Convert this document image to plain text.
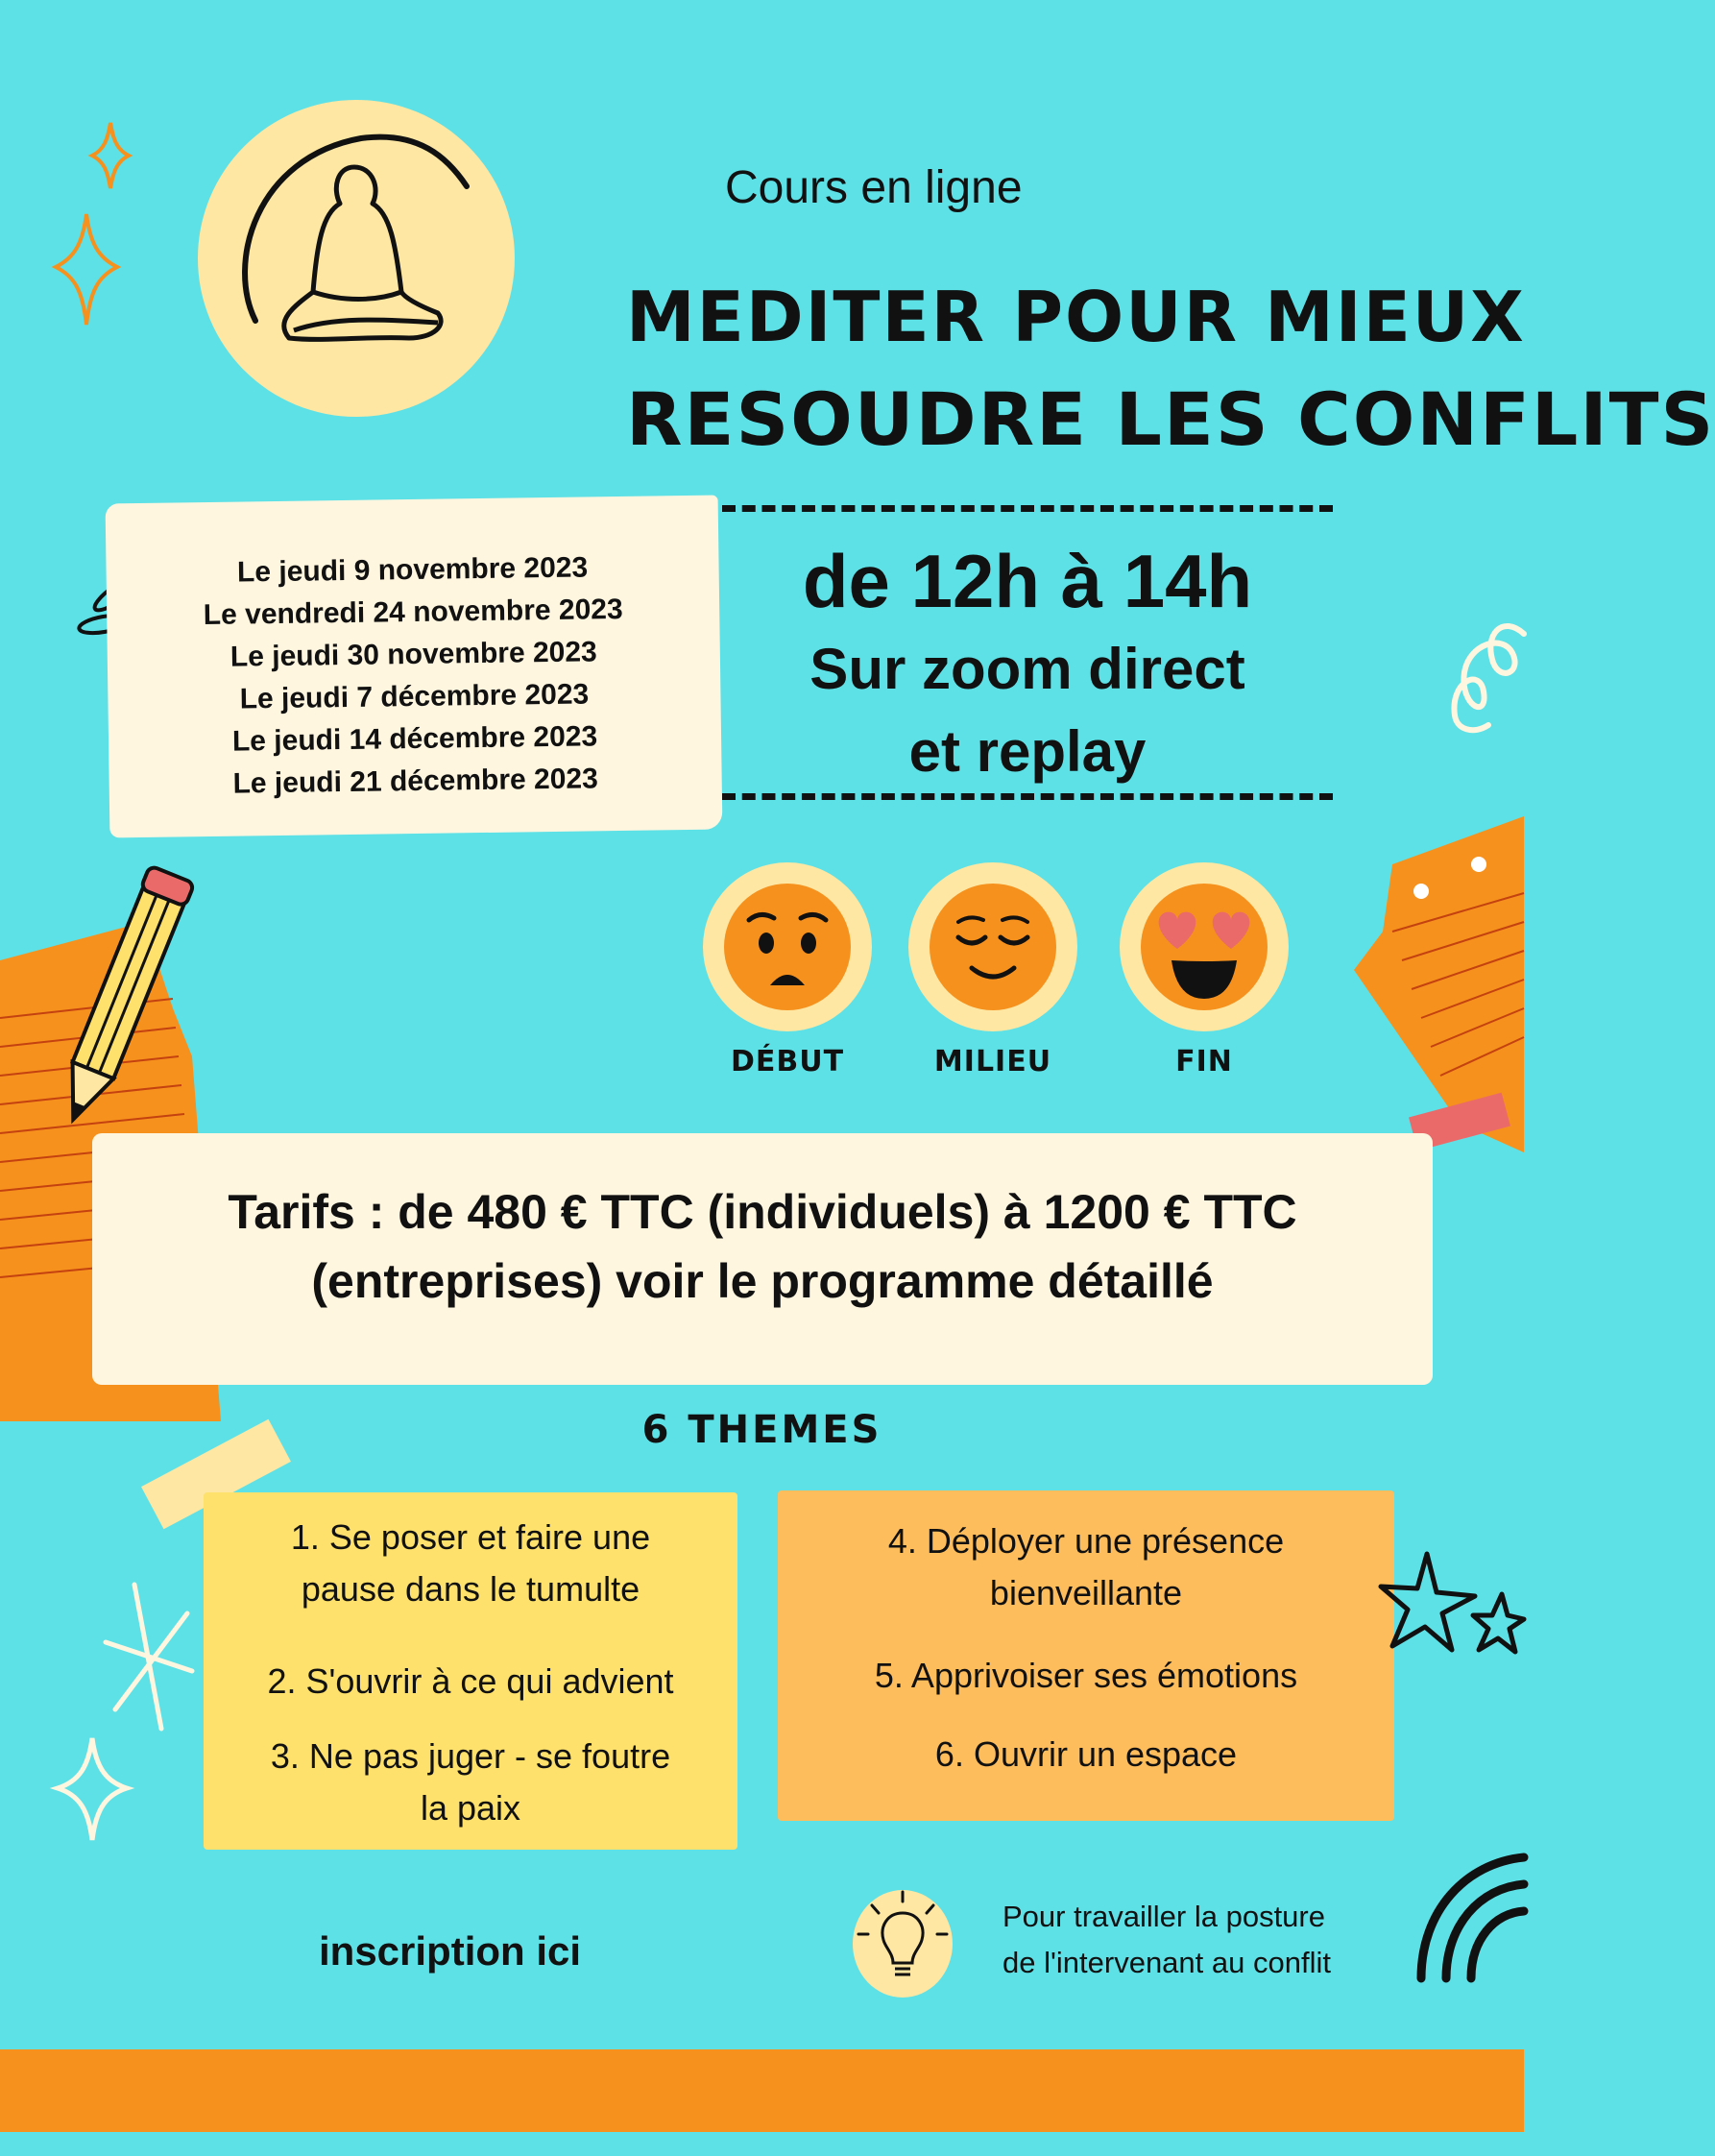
Cours en ligne
MEDITER POUR MIEUX
RESOUDRE LES CONFLITS
Le jeudi 9 novembre 2023
Le vendredi 24 novembre 2023
Le jeudi 30 novembre 2023
Le jeudi 7 décembre 2023
Le jeudi 14 décembre 2023
Le jeudi 21 décembre 2023
de 12h à 14h
Sur zoom direct
et replay
DÉBUT	MILIEU	FIN
Tarifs : de 480 € TTC (individuels) à 1200 € TTC
(entreprises) voir le programme détaillé
6 THEMES
1. Se poser et faire une
pause dans le tumulte
2. S'ouvrir à ce qui advient
3. Ne pas juger - se foutre
la paix
4. Déployer une présence
bienveillante
5. Apprivoiser ses émotions
6. Ouvrir un espace
inscription ici
Pour travailler la posture
de l'intervenant au conflit
